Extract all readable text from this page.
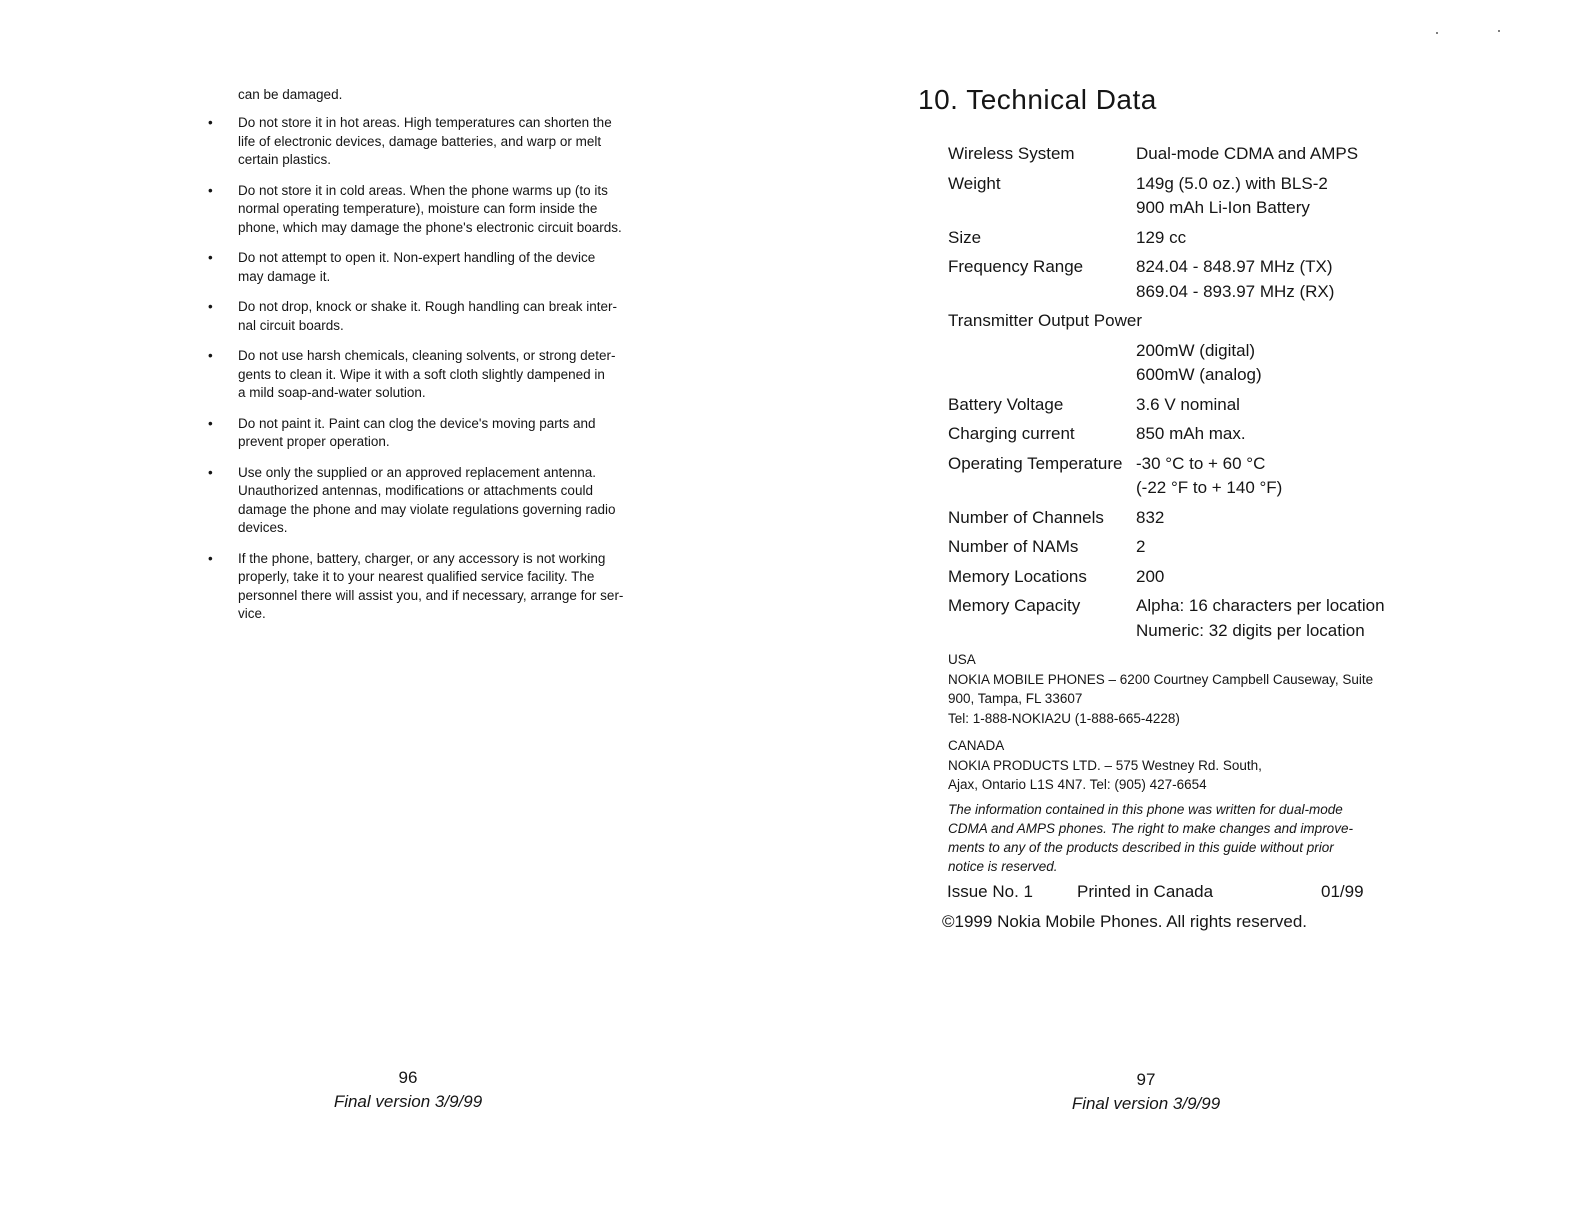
can be damaged.
• Do not store it in hot areas. High temperatures can shorten the
life of electronic devices, damage batteries, and warp or melt
certain plastics.
• Do not store it in cold areas. When the phone warms up (to its
normal operating temperature), moisture can form inside the
phone, which may damage the phone's electronic circuit boards.
• Do not attempt to open it. Non-expert handling of the device
may damage it.
• Do not drop, knock or shake it. Rough handling can break inter-
nal circuit boards.
• Do not use harsh chemicals, cleaning solvents, or strong deter-
gents to clean it. Wipe it with a soft cloth slightly dampened in
a mild soap-and-water solution.
• Do not paint it. Paint can clog the device's moving parts and
prevent proper operation.
• Use only the supplied or an approved replacement antenna.
Unauthorized antennas, modifications or attachments could
damage the phone and may violate regulations governing radio
devices.
• If the phone, battery, charger, or any accessory is not working
properly, take it to your nearest qualified service facility. The
personnel there will assist you, and if necessary, arrange for ser-
vice.
96
Final version 3/9/99
10. Technical Data
Wireless System	Dual-mode CDMA and AMPS
Weight	149g (5.0 oz.) with BLS-2
900 mAh Li-Ion Battery
Size	129 cc
Frequency Range	824.04 - 848.97 MHz (TX)
869.04 - 893.97 MHz (RX)
Transmitter Output Power	
	200mW (digital)
600mW (analog)
Battery Voltage	3.6 V nominal
Charging current	850 mAh max.
Operating Temperature	-30 °C to + 60 °C
(-22 °F to + 140 °F)
Number of Channels	832
Number of NAMs	2
Memory Locations	200
Memory Capacity	Alpha: 16 characters per location
Numeric: 32 digits per location
USA
NOKIA MOBILE PHONES – 6200 Courtney Campbell Causeway, Suite
900, Tampa, FL 33607
Tel: 1-888-NOKIA2U (1-888-665-4228)
CANADA
NOKIA PRODUCTS LTD. – 575 Westney Rd. South,
Ajax, Ontario L1S 4N7. Tel: (905) 427-6654
The information contained in this phone was written for dual-mode
CDMA and AMPS phones. The right to make changes and improve-
ments to any of the products described in this guide without prior
notice is reserved.
Issue No. 1	Printed in Canada	01/99
©1999 Nokia Mobile Phones. All rights reserved.
97
Final version 3/9/99
